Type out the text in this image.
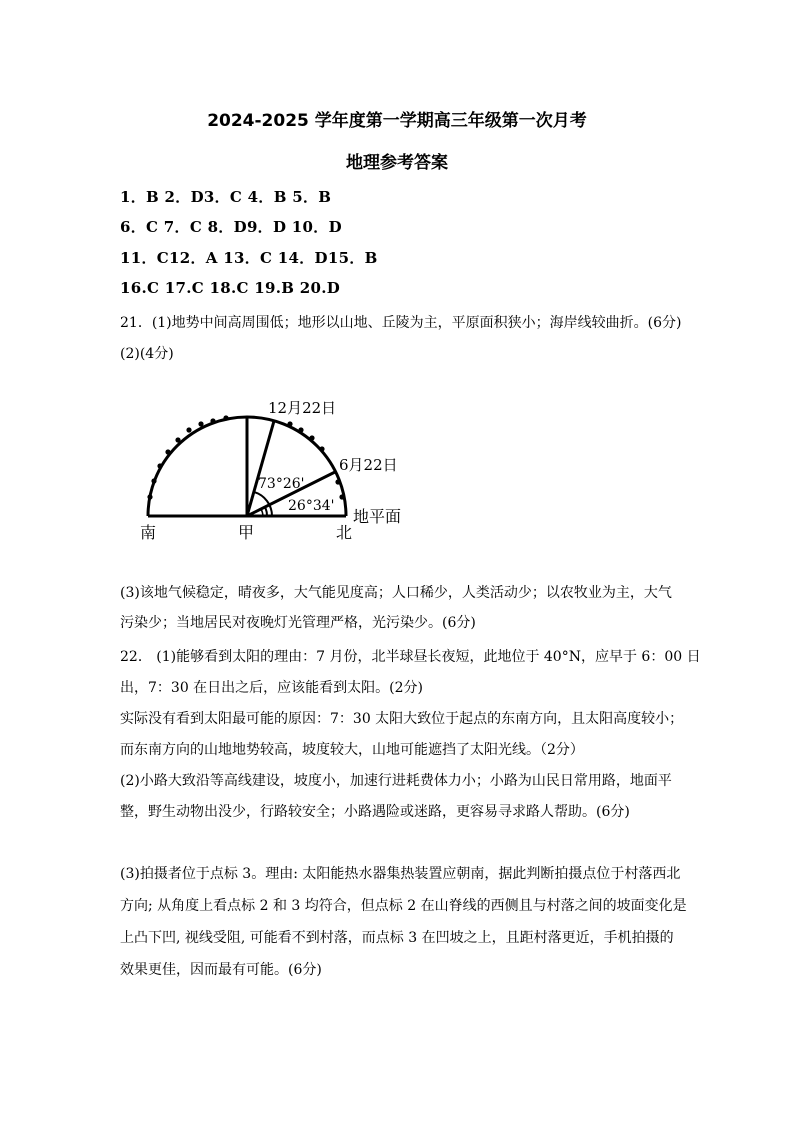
2024-2025 学年度第一学期高三年级第一次月考
地理参考答案
1．B 2．D3．C 4．B 5．B
6．C 7．C 8．D9．D 10．D
11．C12．A 13．C 14．D15．B
16.C 17.C 18.C 19.B 20.D
21．(1)地势中间高周围低；地形以山地、丘陵为主，平原面积狭小；海岸线较曲折。(6分)
(2)(4分)
12月22日
6月22日
73°26'
26°34'
地平面
南	甲	北
(3)该地气候稳定，晴夜多，大气能见度高；人口稀少，人类活动少；以农牧业为主，大气
污染少；当地居民对夜晚灯光管理严格，光污染少。(6分)
22． (1)能够看到太阳的理由：7 月份，北半球昼长夜短，此地位于 40°N，应早于 6：00 日
出，7：30 在日出之后，应该能看到太阳。(2分)
实际没有看到太阳最可能的原因：7：30 太阳大致位于起点的东南方向，且太阳高度较小；
而东南方向的山地地势较高，坡度较大，山地可能遮挡了太阳光线。（2分）
(2)小路大致沿等高线建设，坡度小，加速行进耗费体力小；小路为山民日常用路，地面平
整，野生动物出没少，行路较安全；小路遇险或迷路，更容易寻求路人帮助。(6分)
(3)拍摄者位于点标 3。理由: 太阳能热水器集热装置应朝南，据此判断拍摄点位于村落西北
方向; 从角度上看点标 2 和 3 均符合，但点标 2 在山脊线的西侧且与村落之间的坡面变化是
上凸下凹, 视线受阻, 可能看不到村落，而点标 3 在凹坡之上，且距村落更近，手机拍摄的
效果更佳，因而最有可能。(6分)
